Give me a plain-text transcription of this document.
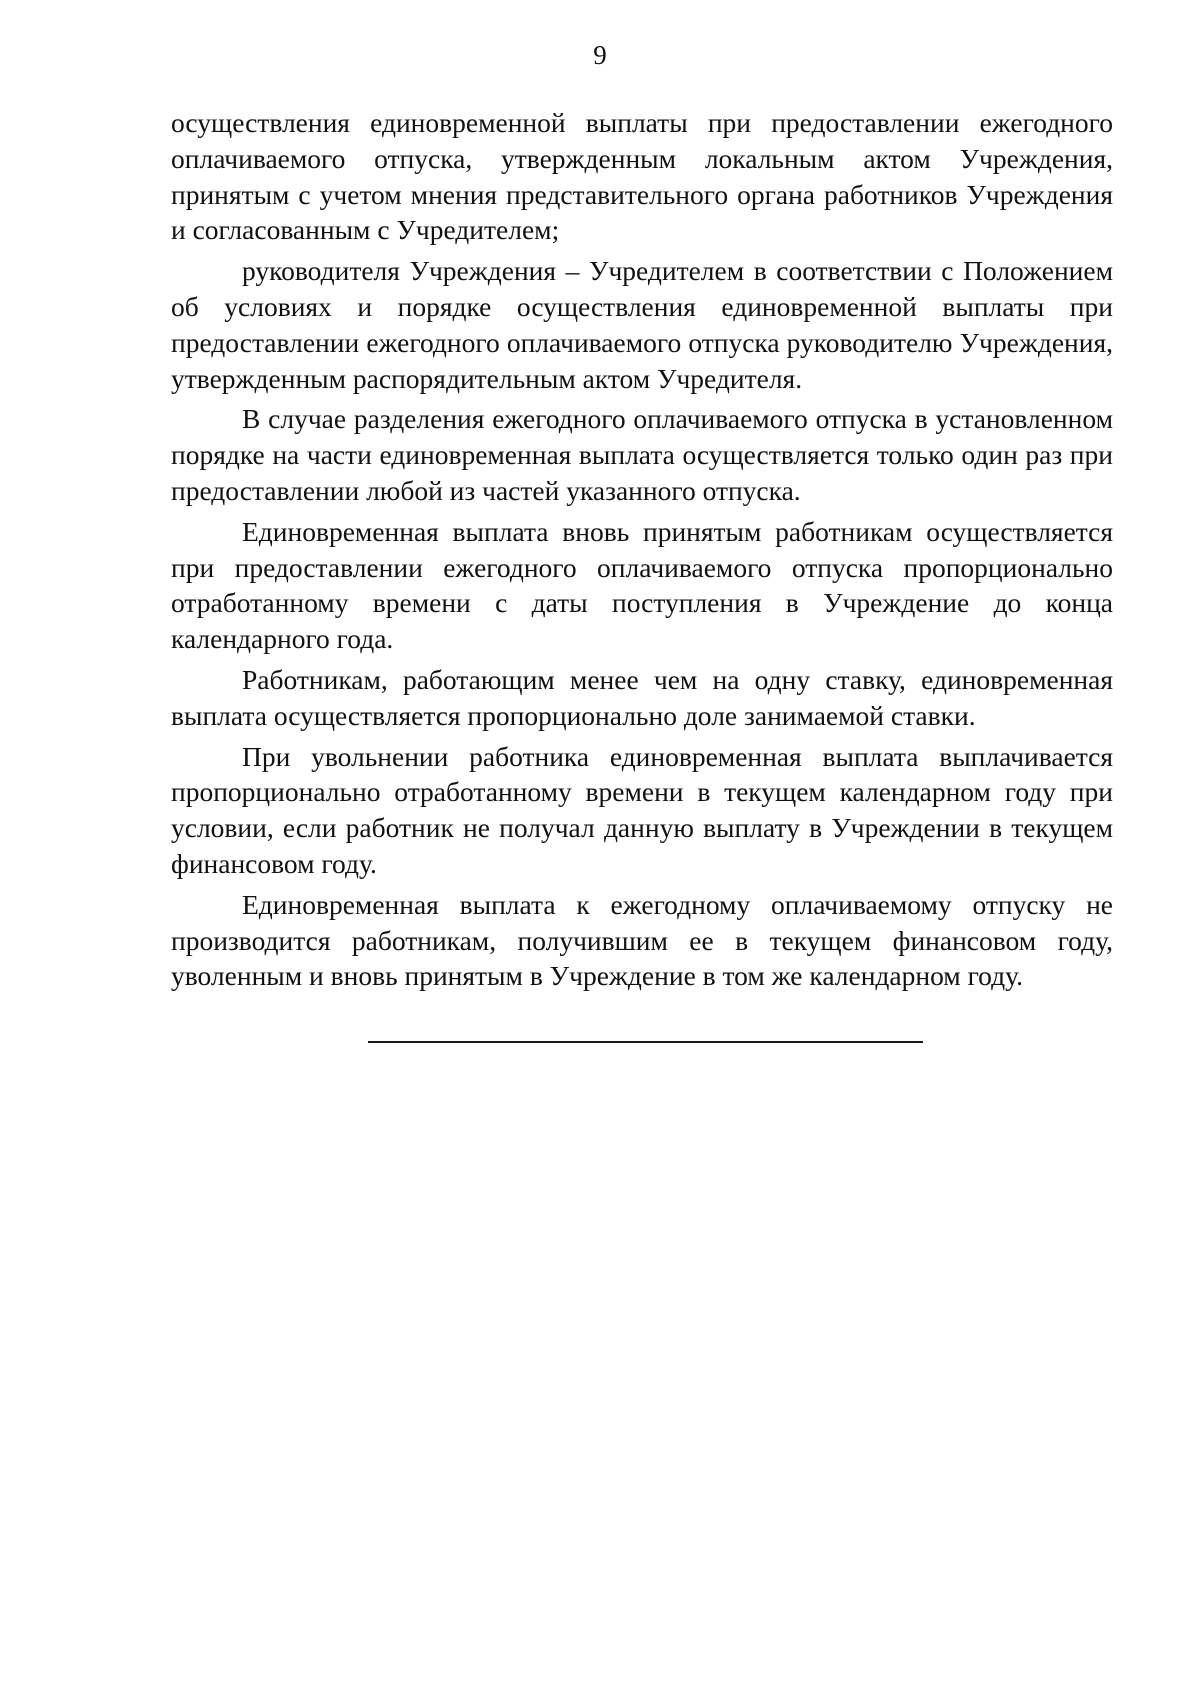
9

осуществления единовременной выплаты при предоставлении ежегодного оплачиваемого отпуска, утвержденным локальным актом Учреждения, принятым с учетом мнения представительного органа работников Учреждения и согласованным с Учредителем;

руководителя Учреждения – Учредителем в соответствии с Положением об условиях и порядке осуществления единовременной выплаты при предоставлении ежегодного оплачиваемого отпуска руководителю Учреждения, утвержденным распорядительным актом Учредителя.

В случае разделения ежегодного оплачиваемого отпуска в установленном порядке на части единовременная выплата осуществляется только один раз при предоставлении любой из частей указанного отпуска.

Единовременная выплата вновь принятым работникам осуществляется при предоставлении ежегодного оплачиваемого отпуска пропорционально отработанному времени с даты поступления в Учреждение до конца календарного года.

Работникам, работающим менее чем на одну ставку, единовременная выплата осуществляется пропорционально доле занимаемой ставки.

При увольнении работника единовременная выплата выплачивается пропорционально отработанному времени в текущем календарном году при условии, если работник не получал данную выплату в Учреждении в текущем финансовом году.

Единовременная выплата к ежегодному оплачиваемому отпуску не производится работникам, получившим ее в текущем финансовом году, уволенным и вновь принятым в Учреждение в том же календарном году.
